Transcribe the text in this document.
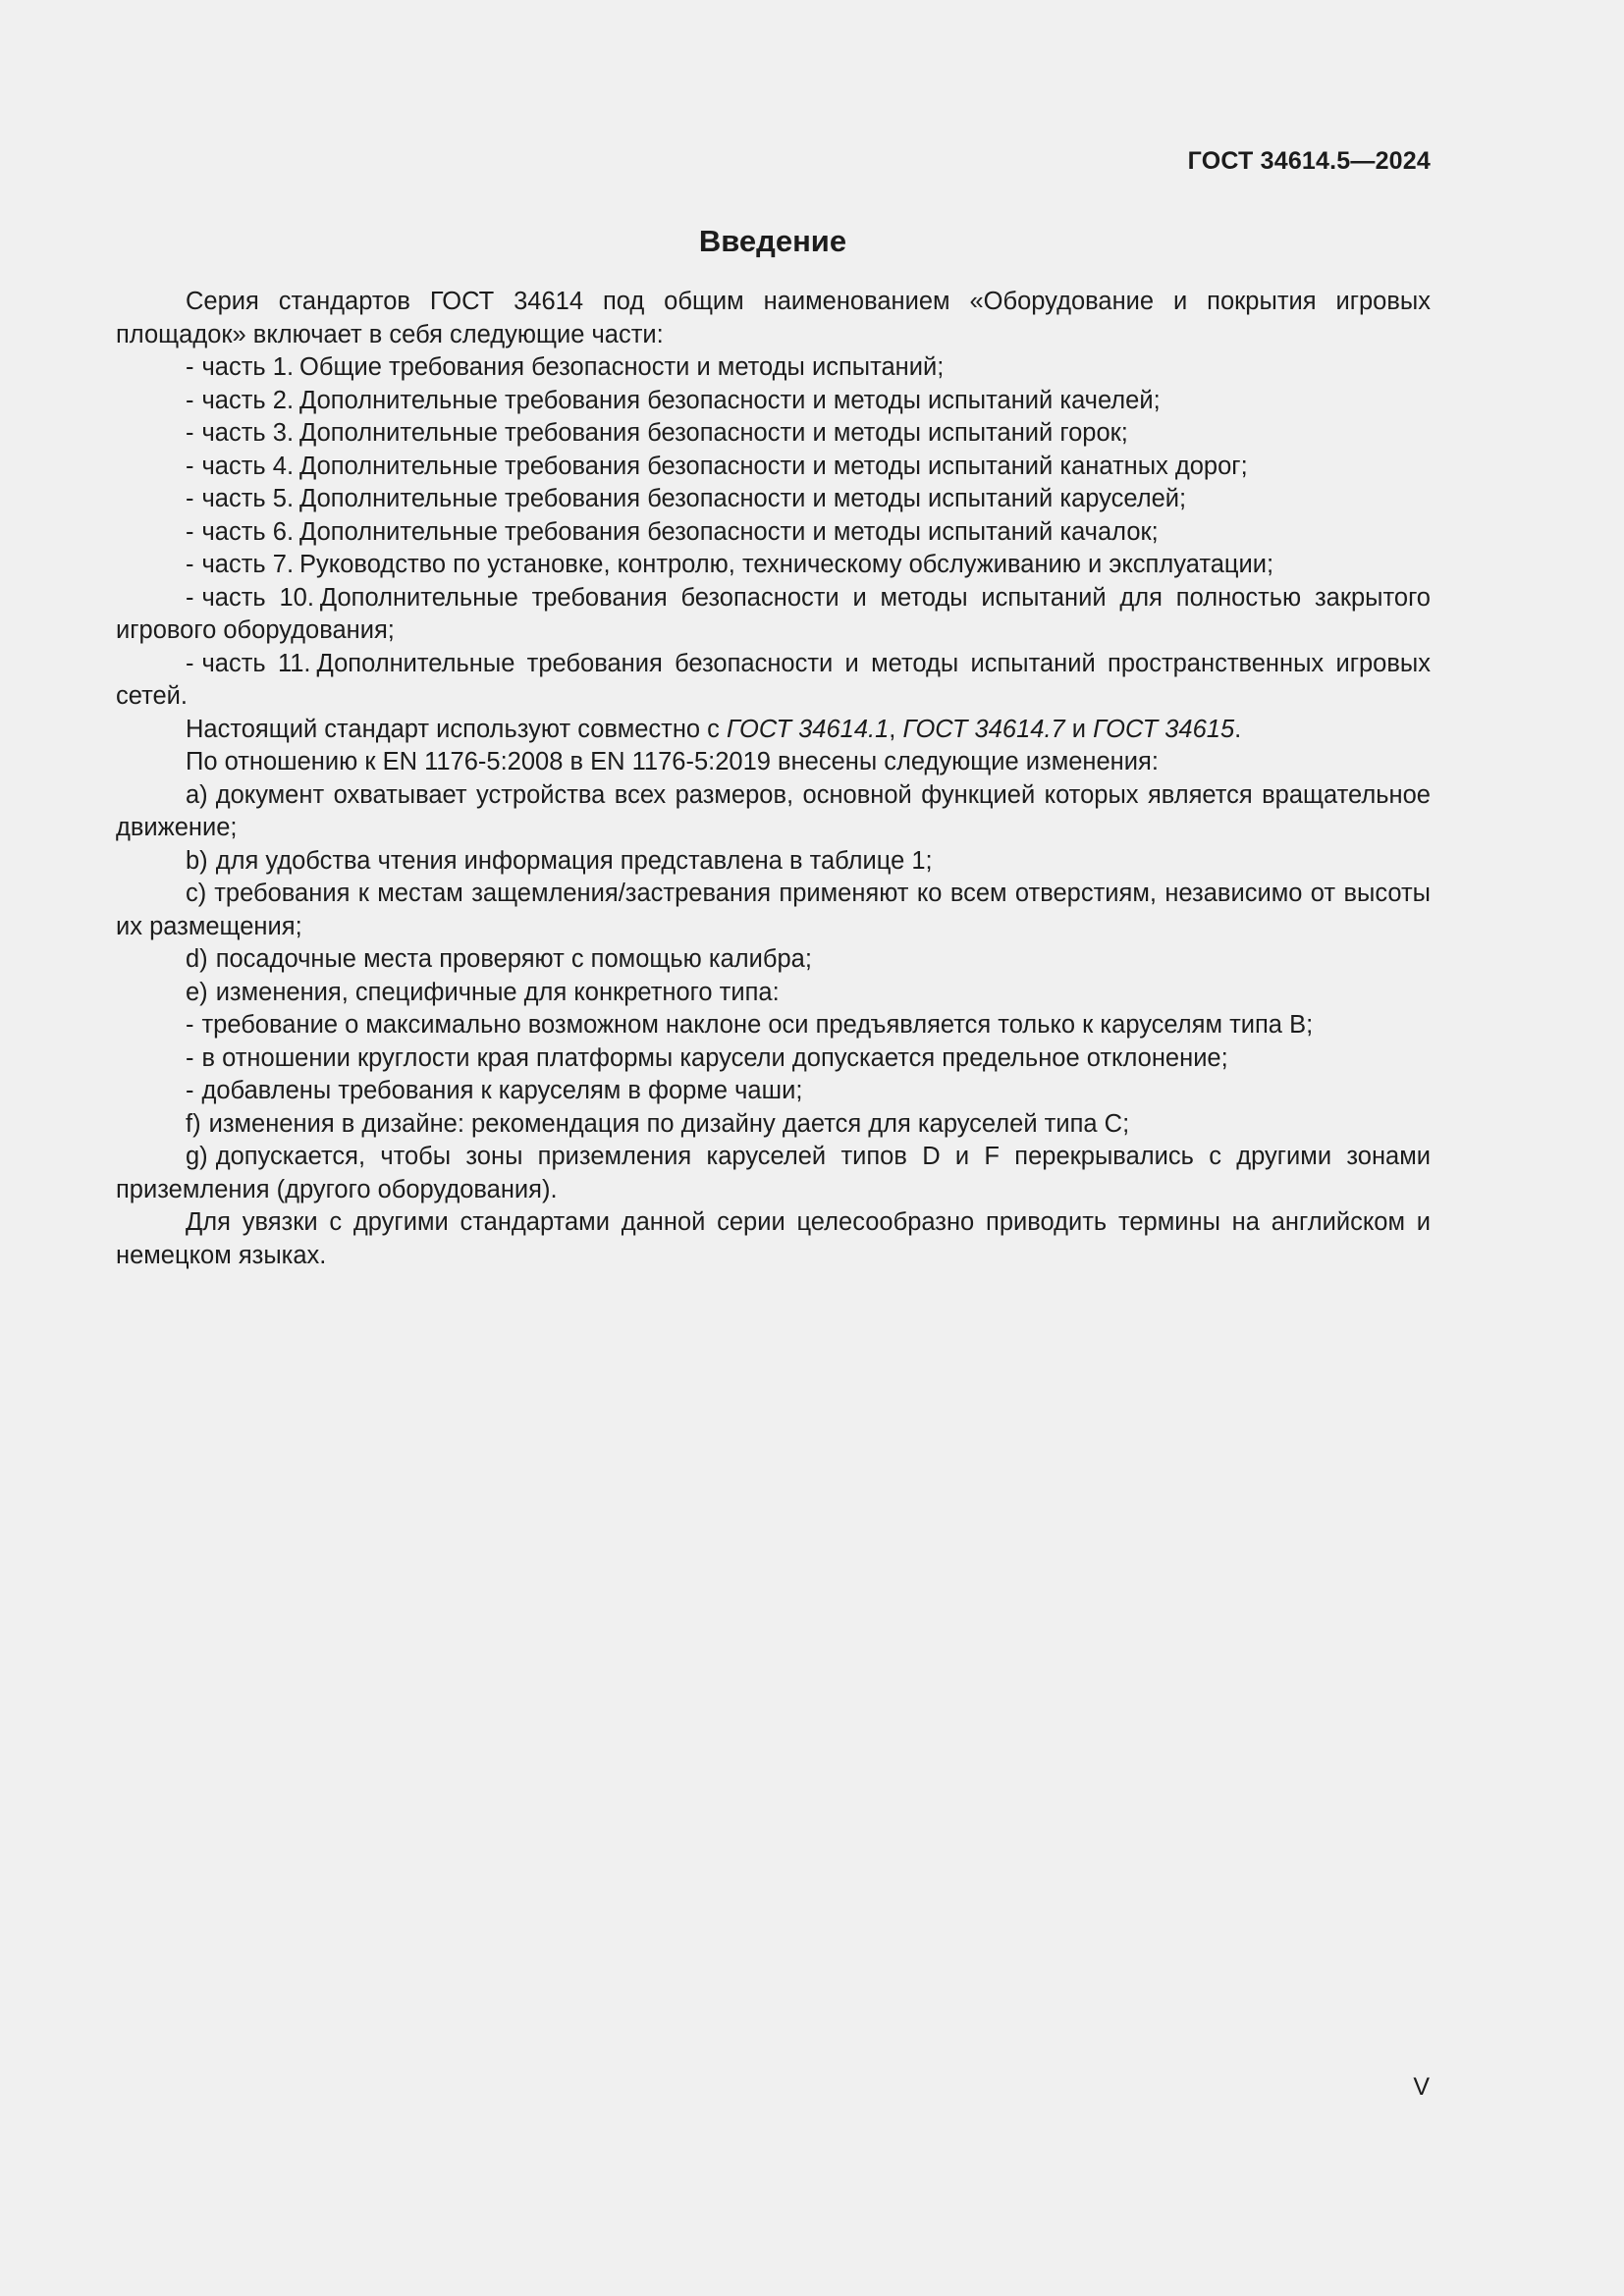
ГОСТ 34614.5—2024
Введение

Серия стандартов ГОСТ 34614 под общим наименованием «Оборудование и покрытия игровых площадок» включает в себя следующие части:

- часть 1. Общие требования безопасности и методы испытаний;

- часть 2. Дополнительные требования безопасности и методы испытаний качелей;

- часть 3. Дополнительные требования безопасности и методы испытаний горок;

- часть 4. Дополнительные требования безопасности и методы испытаний канатных дорог;

- часть 5. Дополнительные требования безопасности и методы испытаний каруселей;

- часть 6. Дополнительные требования безопасности и методы испытаний качалок;

- часть 7. Руководство по установке, контролю, техническому обслуживанию и эксплуатации;

- часть 10. Дополнительные требования безопасности и методы испытаний для полностью закрытого игрового оборудования;

- часть 11. Дополнительные требования безопасности и методы испытаний пространственных игровых сетей.

Настоящий стандарт используют совместно с ГОСТ 34614.1, ГОСТ 34614.7 и ГОСТ 34615.

По отношению к EN 1176-5:2008 в EN 1176-5:2019 внесены следующие изменения:

a) документ охватывает устройства всех размеров, основной функцией которых является вращательное движение;

b) для удобства чтения информация представлена в таблице 1;

c) требования к местам защемления/застревания применяют ко всем отверстиям, независимо от высоты их размещения;

d) посадочные места проверяют с помощью калибра;

e) изменения, специфичные для конкретного типа:

- требование о максимально возможном наклоне оси предъявляется только к каруселям типа B;

- в отношении круглости края платформы карусели допускается предельное отклонение;

- добавлены требования к каруселям в форме чаши;

f) изменения в дизайне: рекомендация по дизайну дается для каруселей типа C;

g) допускается, чтобы зоны приземления каруселей типов D и F перекрывались с другими зонами приземления (другого оборудования).

Для увязки с другими стандартами данной серии целесообразно приводить термины на английском и немецком языках.

V
